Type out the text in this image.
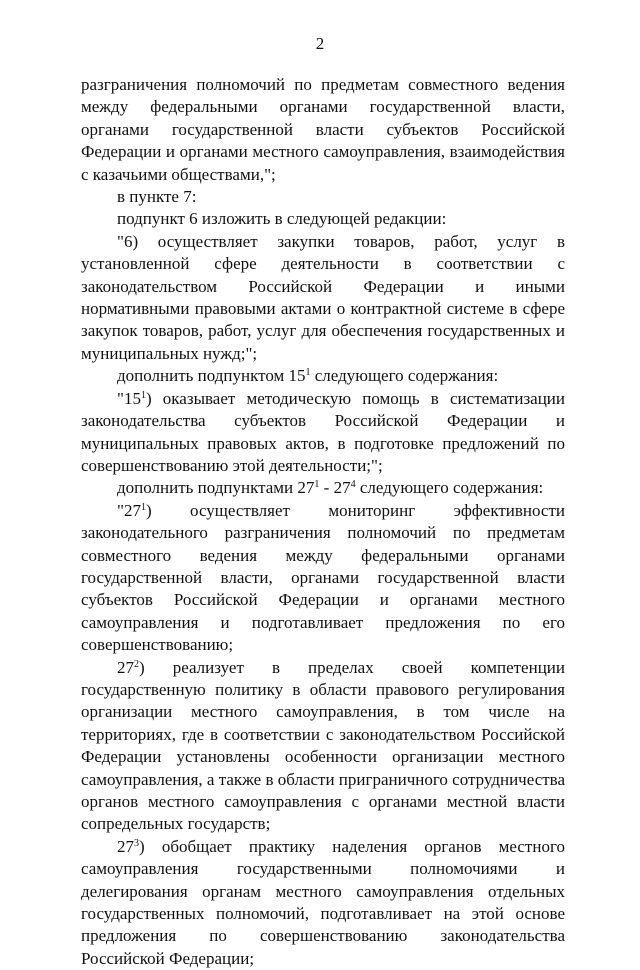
2

разграничения полномочий по предметам совместного ведения между федеральными органами государственной власти, органами государственной власти субъектов Российской Федерации и органами местного самоуправления, взаимодействия с казачьими обществами,";

в пункте 7:

подпункт 6 изложить в следующей редакции:

"6) осуществляет закупки товаров, работ, услуг в установленной сфере деятельности в соответствии с законодательством Российской Федерации и иными нормативными правовыми актами о контрактной системе в сфере закупок товаров, работ, услуг для обеспечения государственных и муниципальных нужд;";

дополнить подпунктом $15^1$ следующего содержания:

"$15^1$) оказывает методическую помощь в систематизации законодательства субъектов Российской Федерации и муниципальных правовых актов, в подготовке предложений по совершенствованию этой деятельности;";

дополнить подпунктами $27^1 - 27^4$ следующего содержания:

"$27^1$) осуществляет мониторинг эффективности законодательного разграничения полномочий по предметам совместного ведения между федеральными органами государственной власти, органами государственной власти субъектов Российской Федерации и органами местного самоуправления и подготавливает предложения по его совершенствованию;

$27^2$) реализует в пределах своей компетенции государственную политику в области правового регулирования организации местного самоуправления, в том числе на территориях, где в соответствии с законодательством Российской Федерации установлены особенности организации местного самоуправления, а также в области приграничного сотрудничества органов местного самоуправления с органами местной власти сопредельных государств;

$27^3$) обобщает практику наделения органов местного самоуправления государственными полномочиями и делегирования органам местного самоуправления отдельных государственных полномочий, подготавливает на этой основе предложения по совершенствованию законодательства Российской Федерации;
